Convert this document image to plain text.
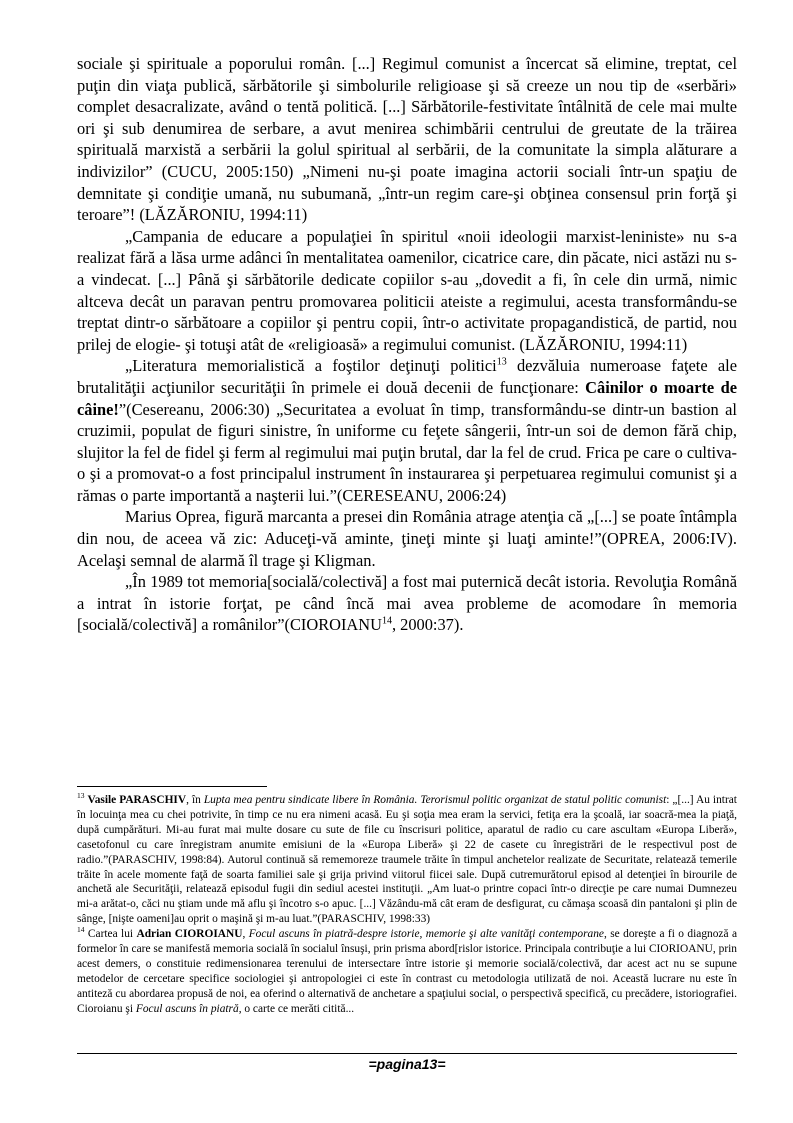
sociale şi spirituale a poporului român. [...] Regimul comunist a încercat să elimine, treptat, cel puţin din viaţa publică, sărbătorile şi simbolurile religioase şi să creeze un nou tip de «serbări» complet desacralizate, având o tentă politică. [...] Sărbătorile-festivitate întâlnită de cele mai multe ori şi sub denumirea de serbare, a avut menirea schimbării centrului de greutate de la trăirea spirituală marxistă a serbării la golul spiritual al serbării, de la comunitate la simpla alăturare a indivizilor” (CUCU, 2005:150) „Nimeni nu-şi poate imagina actorii sociali într-un spaţiu de demnitate şi condiţie umană, nu subumană, „într-un regim care-şi obţinea consensul prin forţă şi teroare”! (LĂZĂRONIU, 1994:11)

„Campania de educare a populaţiei în spiritul «noii ideologii marxist-leniniste» nu s-a realizat fără a lăsa urme adânci în mentalitatea oamenilor, cicatrice care, din păcate, nici astăzi nu s-a vindecat. [...] Până şi sărbătorile dedicate copiilor s-au „dovedit a fi, în cele din urmă, nimic altceva decât un paravan pentru promovarea politicii ateiste a regimului, acesta transformându-se treptat dintr-o sărbătoare a copiilor şi pentru copii, într-o activitate propagandistică, de partid, nou prilej de elogie- şi totuşi atât de «religioasă» a regimului comunist. (LĂZĂRONIU, 1994:11)

„Literatura memorialistică a foştilor deţinuţi politici$^{13}$ dezvăluia numeroase faţete ale brutalităţii acţiunilor securităţii în primele ei două decenii de funcţionare: Câinilor o moarte de câine!”(Cesereanu, 2006:30) „Securitatea a evoluat în timp, transformându-se dintr-un bastion al cruzimii, populat de figuri sinistre, în uniforme cu feţete sângerii, într-un soi de demon fără chip, slujitor la fel de fidel şi ferm al regimului mai puţin brutal, dar la fel de crud. Frica pe care o cultiva-o şi a promovat-o a fost principalul instrument în instaurarea şi perpetuarea regimului comunist şi a rămas o parte importantă a naşterii lui.”(CERESEANU, 2006:24)

Marius Oprea, figură marcanta a presei din România atrage atenţia că „[...] se poate întâmpla din nou, de aceea vă zic: Aduceţi-vă aminte, ţineţi minte şi luaţi aminte!”(OPREA, 2006:IV). Acelaşi semnal de alarmă îl trage şi Kligman.

„În 1989 tot memoria[socială/colectivă] a fost mai puternică decât istoria. Revoluţia Română a intrat în istorie forţat, pe când încă mai avea probleme de acomodare în memoria [socială/colectivă] a românilor”(CIOROIANU$^{14}$, 2000:37).

$^{13}$ Vasile PARASCHIV, în Lupta mea pentru sindicate libere în România. Terorismul politic organizat de statul politic comunist: „[...] Au intrat în locuinţa mea cu chei potrivite, în timp ce nu era nimeni acasă. Eu şi soţia mea eram la servici, fetiţa era la şcoală, iar soacră-mea la piaţă, după cumpărături. Mi-au furat mai multe dosare cu sute de file cu înscrisuri politice, aparatul de radio cu care ascultam «Europa Liberă», casetofonul cu care înregistram anumite emisiuni de la «Europa Liberă» şi 22 de casete cu înregistrări de le respectivul post de radio.”(PARASCHIV, 1998:84). Autorul continuă să rememoreze traumele trăite în timpul anchetelor realizate de Securitate, relatează temerile trăite în acele momente faţă de soarta familiei sale şi grija privind viitorul fiicei sale. După cutremurătorul episod al detenţiei în birourile de anchetă ale Securităţii, relatează episodul fugii din sediul acestei instituţii. „Am luat-o printre copaci într-o direcţie pe care numai Dumnezeu mi-a arătat-o, căci nu ştiam unde mă aflu şi încotro s-o apuc. [...] Văzându-mă cât eram de desfigurat, cu cămaşa scoasă din pantaloni şi plin de sânge, [nişte oameni]au oprit o maşină şi m-au luat.”(PARASCHIV, 1998:33)

$^{14}$ Cartea lui Adrian CIOROIANU, Focul ascuns în piatră-despre istorie, memorie şi alte vanităţi contemporane, se doreşte a fi o diagnoză a formelor în care se manifestă memoria socială în socialul însuşi, prin prisma abord[rislor istorice. Principala contribuţie a lui CIORIOANU, prin acest demers, o constituie redimensionarea terenului de intersectare între istorie şi memorie socială/colectivă, dar acest act nu se supune metodelor de cercetare specifice sociologiei şi antropologiei ci este în contrast cu metodologia utilizată de noi. Această lucrare nu este în antiteză cu abordarea propusă de noi, ea oferind o alternativă de anchetare a spaţiului social, o perspectivă specifică, cu precădere, istoriografiei. Cioroianu şi Focul ascuns în piatră, o carte ce merăti citită...

=pagina13=
